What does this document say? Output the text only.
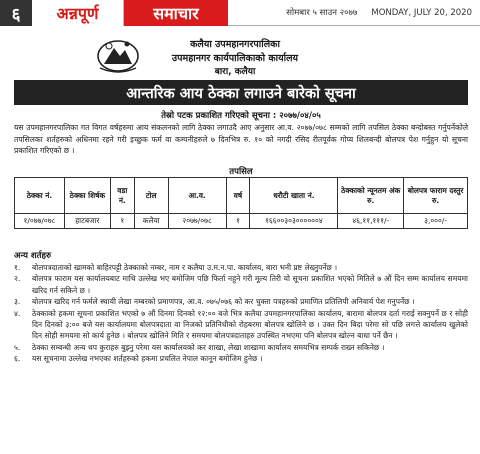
६	अन्नपूर्ण	समाचार	सोमबार ५ साउन २०७७ MONDAY, JULY 20, 2020
कलैया उपमहानगरपालिका
उपमहानगर कार्यपालिकाको कार्यालय
बारा, कलैया
आन्तरिक आय ठेक्का लगाउने बारेको सूचना
तेस्रो पटक प्रकाशित गरिएको सूचना : २०७७/०४/०५
यस उपमहानगरपालिका गत विगत वर्षहरुमा आय संकलनको लागि ठेक्का लगाउदै आए अनुसार आ.व. २०७७/०७८ सम्मको लागि तपसिल ठेक्का बन्दोबस्त गर्नुपर्नेकोले तपसिलका शर्तहरुको अधिनमा रहने गरी इच्छुक फर्म वा कम्पनीहरुले ७ दिनभित्र रु. १० को नगदी रसिद रीतपूर्वक गोप्य शिलबन्दी बोलपत्र पेश गर्नुहुन यो सूचना प्रकाशित गरिएको छ ।
तपसिल
ठेक्का नं.	ठेक्का शिर्षक	वडा नं.	टोल	आ.व.	वर्ष	धरौटी खाता नं.	ठेक्काको न्यूनतम अंक रु.	बोलपत्र फाराम दस्तुर रु.
१/०७७/०७८	हाटबजार	१	कलैया	२०७७/०७८	१	१६६००३०३००००००४	४६,११,१११/-	३,०००/-
अन्य शर्तहरु
१.	बोलपत्रदाताको खामको बाहिरपट्टी ठेक्काको नम्बर, नाम र कलैया उ.म.न.पा. कार्यालय, बारा भनी प्रष्ट लेख्नुपर्नेछ ।
२.	बोलपत्र फाराम यस कार्यालयबाट माथि उल्लेख भए बमोजिम पछि फिर्ता नहुने गरी मूल्य तिरी यो सूचना प्रकाशित भएको मितिले ७ औं दिन सम्म कार्यालय समयमा खरिद गर्न सकिने छ ।
३.	बोलपत्र खरिद गर्न फर्मले स्थायी लेखा नम्बरको प्रमाणपत्र, आ.व. ०७५/०७६ को कर चुक्ता पत्रहरुको प्रमाणित प्रतिलिपी अनिवार्य पेश गनुपर्नेछ ।
४.	ठेक्काको हकमा सूचना प्रकाशित भएको ७ औं दिनमा दिनको १२:०० बजे भित्र कलैया उपमहानगरपालिका कार्यालय, बारामा बोलपत्र दर्ता गराई सक्नुपर्ने छ र सोही दिन दिनको ३:०० बजे यस कार्यालयमा बोलपत्रदाता वा निजको प्रतिनिधीको रोहबरमा बोलपत्र खोलिने छ । उक्त दिन बिदा परेमा सो पछि लगत्ते कार्यालय खुलेको दिन सोही समयमा सो कार्य हुनेछ । बोलपत्र खोलिने मिति र समयमा बोलपत्रदाताहरु उपस्थित नभएमा पनि बोलपत्र खोल्न बाधा पर्ने छैन ।
५.	ठेक्का सम्बन्धी अन्य थप कुराहरु बुझ्नु परेमा यस कार्यालयको कर शाखा, लेखा शाखामा कार्यालय समयभित्र सम्पर्क राख्न सकिनेछ ।
६.	यस सूचनामा उल्लेख नभएका शर्तहरुको हकमा प्रचलित नेपाल कानून बमोजिम हुनेछ ।
